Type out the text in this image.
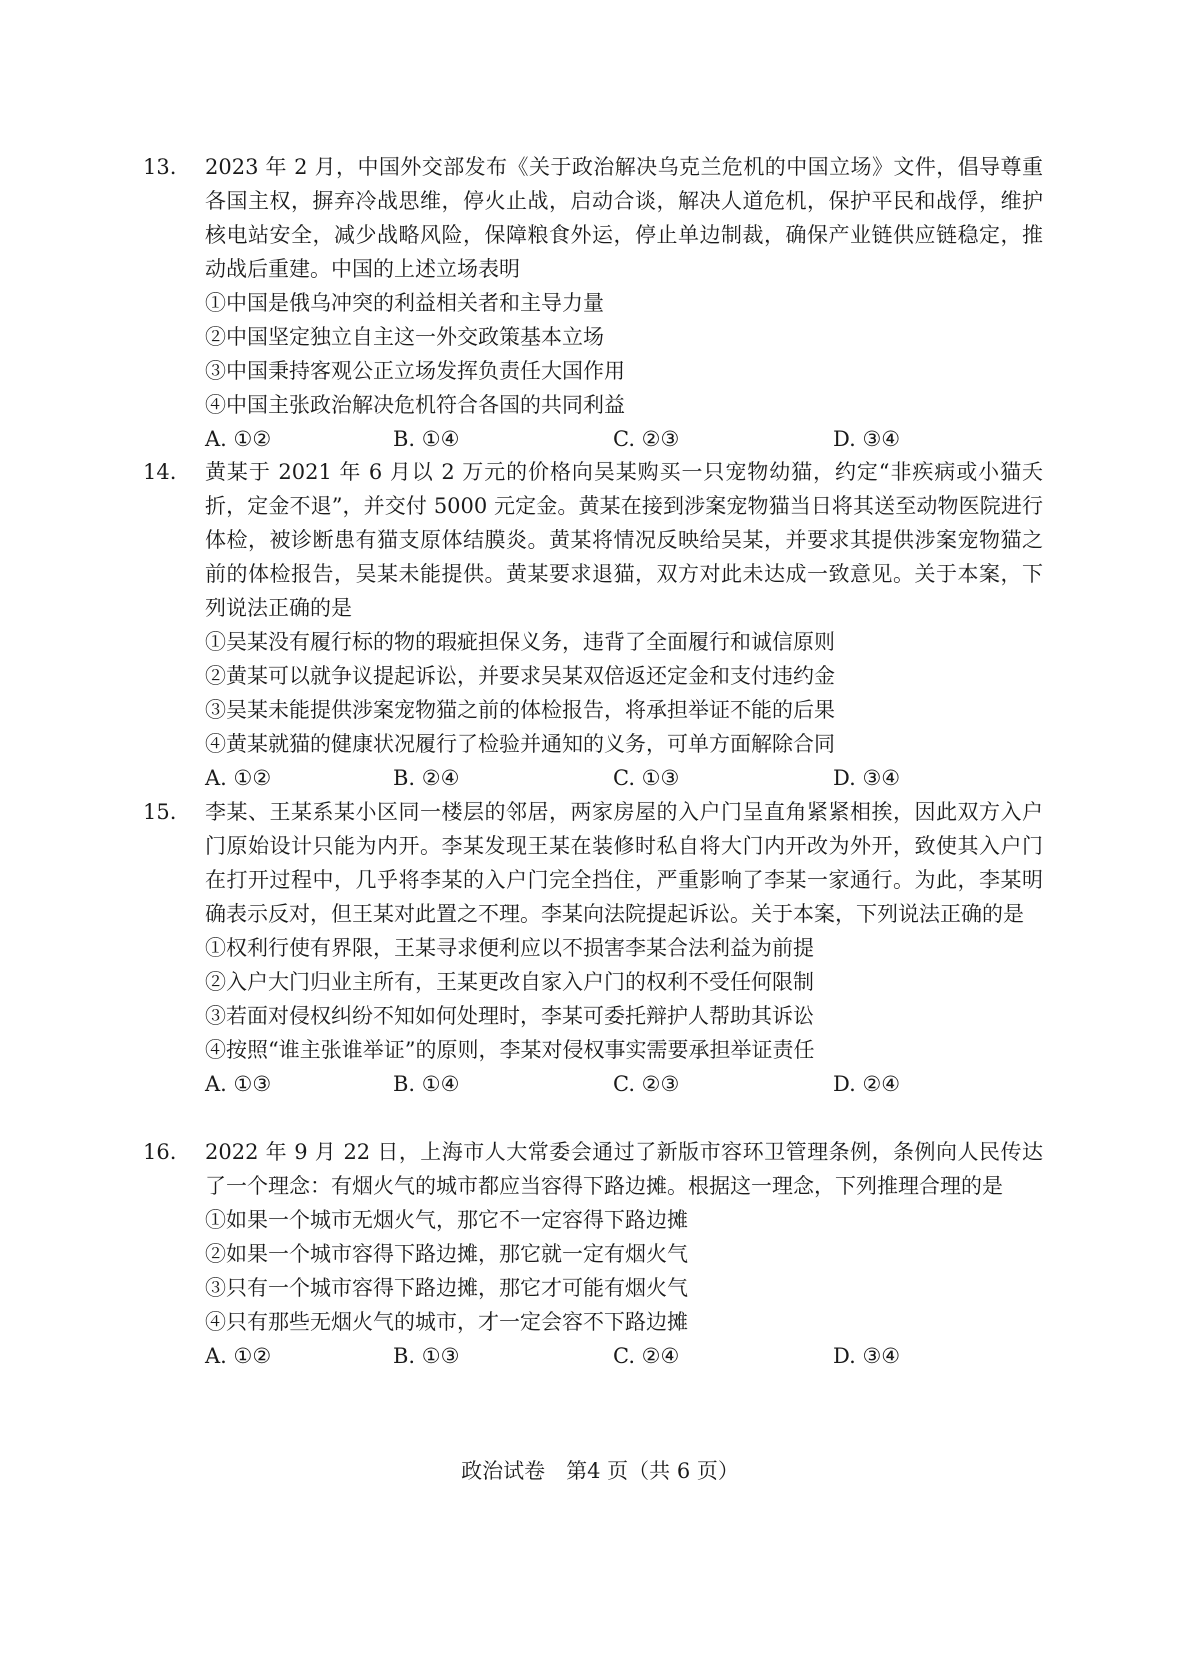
13. 2023 年 2 月，中国外交部发布《关于政治解决乌克兰危机的中国立场》文件，倡导尊重各国主权，摒弃冷战思维，停火止战，启动合谈，解决人道危机，保护平民和战俘，维护核电站安全，减少战略风险，保障粮食外运，停止单边制裁，确保产业链供应链稳定，推动战后重建。中国的上述立场表明
①中国是俄乌冲突的利益相关者和主导力量
②中国坚定独立自主这一外交政策基本立场
③中国秉持客观公正立场发挥负责任大国作用
④中国主张政治解决危机符合各国的共同利益
A. ①②	B. ①④	C. ②③	D. ③④
14. 黄某于 2021 年 6 月以 2 万元的价格向吴某购买一只宠物幼猫，约定“非疾病或小猫夭折，定金不退”，并交付 5000 元定金。黄某在接到涉案宠物猫当日将其送至动物医院进行体检，被诊断患有猫支原体结膜炎。黄某将情况反映给吴某，并要求其提供涉案宠物猫之前的体检报告，吴某未能提供。黄某要求退猫，双方对此未达成一致意见。关于本案，下列说法正确的是
①吴某没有履行标的物的瑕疵担保义务，违背了全面履行和诚信原则
②黄某可以就争议提起诉讼，并要求吴某双倍返还定金和支付违约金
③吴某未能提供涉案宠物猫之前的体检报告，将承担举证不能的后果
④黄某就猫的健康状况履行了检验并通知的义务，可单方面解除合同
A. ①②	B. ②④	C. ①③	D. ③④
15. 李某、王某系某小区同一楼层的邻居，两家房屋的入户门呈直角紧紧相挨，因此双方入户门原始设计只能为内开。李某发现王某在装修时私自将大门内开改为外开，致使其入户门在打开过程中，几乎将李某的入户门完全挡住，严重影响了李某一家通行。为此，李某明确表示反对，但王某对此置之不理。李某向法院提起诉讼。关于本案，下列说法正确的是
①权利行使有界限，王某寻求便利应以不损害李某合法利益为前提
②入户大门归业主所有，王某更改自家入户门的权利不受任何限制
③若面对侵权纠纷不知如何处理时，李某可委托辩护人帮助其诉讼
④按照“谁主张谁举证”的原则，李某对侵权事实需要承担举证责任
A. ①③	B. ①④	C. ②③	D. ②④
16. 2022 年 9 月 22 日，上海市人大常委会通过了新版市容环卫管理条例，条例向人民传达了一个理念：有烟火气的城市都应当容得下路边摊。根据这一理念，下列推理合理的是
①如果一个城市无烟火气，那它不一定容得下路边摊
②如果一个城市容得下路边摊，那它就一定有烟火气
③只有一个城市容得下路边摊，那它才可能有烟火气
④只有那些无烟火气的城市，才一定会容不下路边摊
A. ①②	B. ①③	C. ②④	D. ③④
政治试卷　第4 页（共 6 页）
